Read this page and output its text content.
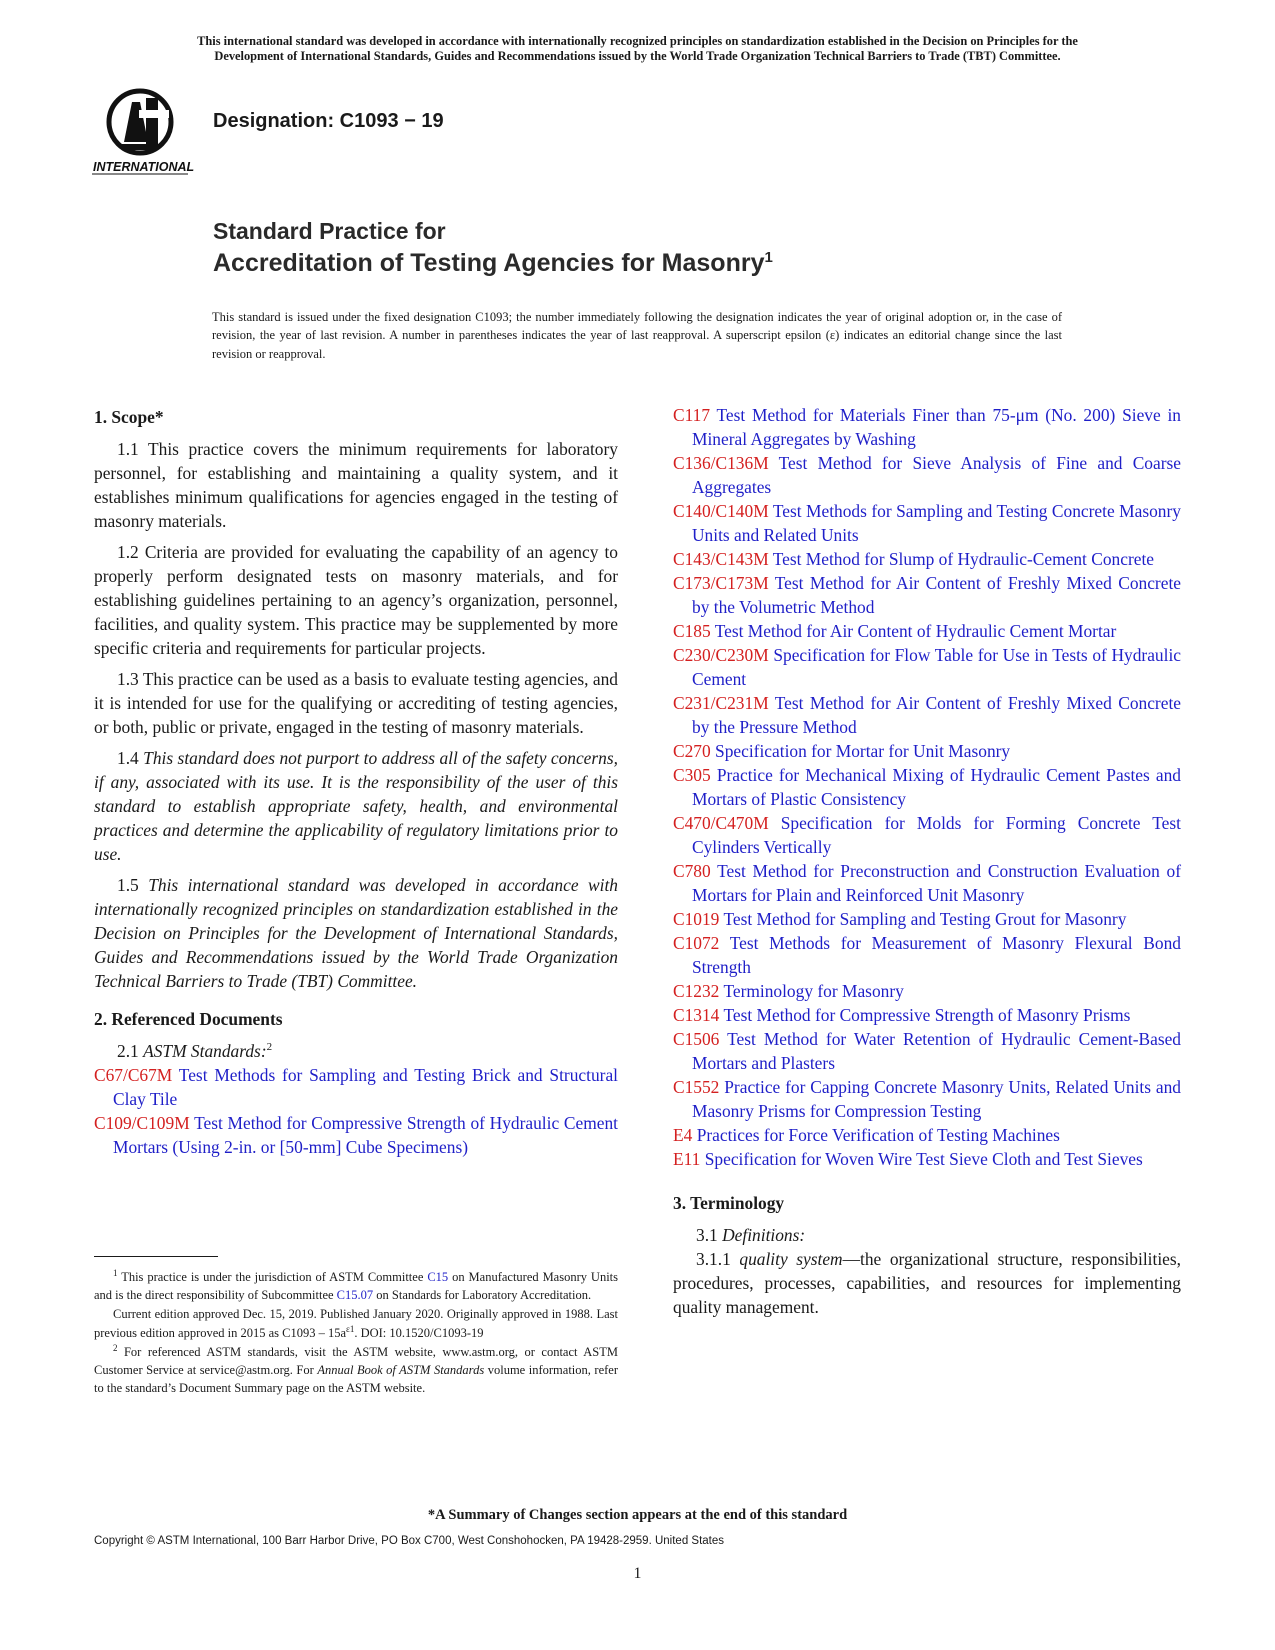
This international standard was developed in accordance with internationally recognized principles on standardization established in the Decision on Principles for the
Development of International Standards, Guides and Recommendations issued by the World Trade Organization Technical Barriers to Trade (TBT) Committee.
INTERNATIONAL
Designation: C1093 − 19
Standard Practice for
Accreditation of Testing Agencies for Masonry$^1$
This standard is issued under the fixed designation C1093; the number immediately following the designation indicates the year of original adoption or, in the case of revision, the year of last revision. A number in parentheses indicates the year of last reapproval. A superscript epsilon (ε) indicates an editorial change since the last revision or reapproval.
1. Scope*

1.1 This practice covers the minimum requirements for laboratory personnel, for establishing and maintaining a quality system, and it establishes minimum qualifications for agencies engaged in the testing of masonry materials.

1.2 Criteria are provided for evaluating the capability of an agency to properly perform designated tests on masonry materials, and for establishing guidelines pertaining to an agency’s organization, personnel, facilities, and quality system. This practice may be supplemented by more specific criteria and requirements for particular projects.

1.3 This practice can be used as a basis to evaluate testing agencies, and it is intended for use for the qualifying or accrediting of testing agencies, or both, public or private, engaged in the testing of masonry materials.

1.4 This standard does not purport to address all of the safety concerns, if any, associated with its use. It is the responsibility of the user of this standard to establish appropriate safety, health, and environmental practices and determine the applicability of regulatory limitations prior to use.

1.5 This international standard was developed in accordance with internationally recognized principles on standardization established in the Decision on Principles for the Development of International Standards, Guides and Recommendations issued by the World Trade Organization Technical Barriers to Trade (TBT) Committee.

2. Referenced Documents

2.1 ASTM Standards:$^2$

C67/C67M Test Methods for Sampling and Testing Brick and Structural Clay Tile

C109/C109M Test Method for Compressive Strength of Hydraulic Cement Mortars (Using 2-in. or [50-mm] Cube Specimens)

$^1$ This practice is under the jurisdiction of ASTM Committee C15 on Manufactured Masonry Units and is the direct responsibility of Subcommittee C15.07 on Standards for Laboratory Accreditation.

Current edition approved Dec. 15, 2019. Published January 2020. Originally approved in 1988. Last previous edition approved in 2015 as $C1093 - 15a^{\varepsilon 1}$. DOI: 10.1520/C1093-19

$^2$ For referenced ASTM standards, visit the ASTM website, www.astm.org, or contact ASTM Customer Service at service@astm.org. For Annual Book of ASTM Standards volume information, refer to the standard’s Document Summary page on the ASTM website.

C117 Test Method for Materials Finer than 75-μm (No. 200) Sieve in Mineral Aggregates by Washing

C136/C136M Test Method for Sieve Analysis of Fine and Coarse Aggregates

C140/C140M Test Methods for Sampling and Testing Concrete Masonry Units and Related Units

C143/C143M Test Method for Slump of Hydraulic-Cement Concrete

C173/C173M Test Method for Air Content of Freshly Mixed Concrete by the Volumetric Method

C185 Test Method for Air Content of Hydraulic Cement Mortar

C230/C230M Specification for Flow Table for Use in Tests of Hydraulic Cement

C231/C231M Test Method for Air Content of Freshly Mixed Concrete by the Pressure Method

C270 Specification for Mortar for Unit Masonry

C305 Practice for Mechanical Mixing of Hydraulic Cement Pastes and Mortars of Plastic Consistency

C470/C470M Specification for Molds for Forming Concrete Test Cylinders Vertically

C780 Test Method for Preconstruction and Construction Evaluation of Mortars for Plain and Reinforced Unit Masonry

C1019 Test Method for Sampling and Testing Grout for Masonry

C1072 Test Methods for Measurement of Masonry Flexural Bond Strength

C1232 Terminology for Masonry

C1314 Test Method for Compressive Strength of Masonry Prisms

C1506 Test Method for Water Retention of Hydraulic Cement-Based Mortars and Plasters

C1552 Practice for Capping Concrete Masonry Units, Related Units and Masonry Prisms for Compression Testing

E4 Practices for Force Verification of Testing Machines

E11 Specification for Woven Wire Test Sieve Cloth and Test Sieves

3. Terminology

3.1 Definitions:

3.1.1 quality system—the organizational structure, responsibilities, procedures, processes, capabilities, and resources for implementing quality management.

*A Summary of Changes section appears at the end of this standard
Copyright © ASTM International, 100 Barr Harbor Drive, PO Box C700, West Conshohocken, PA 19428-2959. United States
1
